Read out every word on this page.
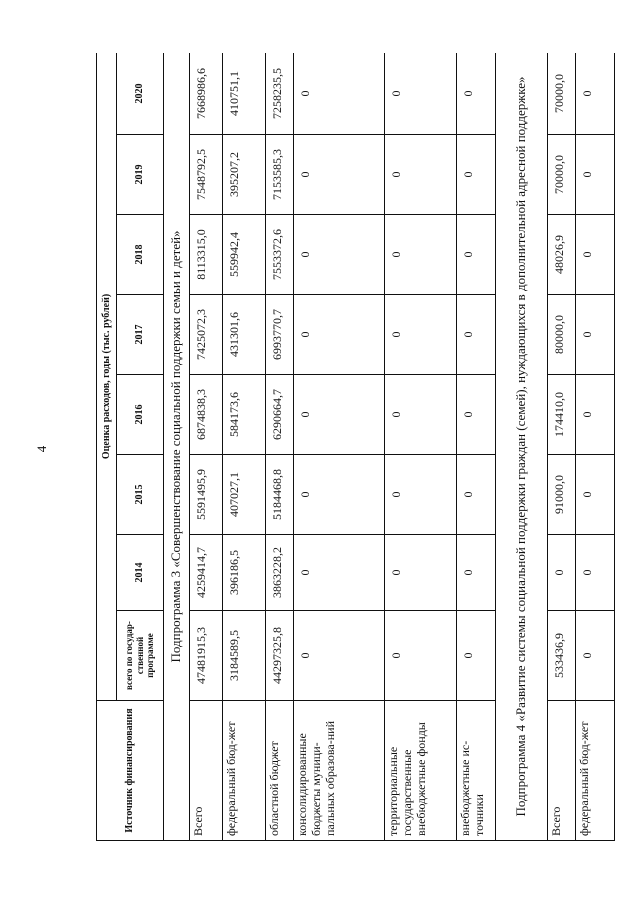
4
Источник финансирования	Оценка расходов, годы (тыс. рублей)							
	всего по государ-ственной программе	2014	2015	2016	2017	2018	2019	2020
Подпрограмма 3 «Совершенствование социальной поддержки семьи и детей»								
Всего	47481915,3	4259414,7	5591495,9	6874838,3	7425072,3	8113315,0	7548792,5	7668986,6
федеральный бюд-жет	3184589,5	396186,5	407027,1	584173,6	431301,6	559942,4	395207,2	410751,1
областной бюджет	44297325,8	3863228,2	5184468,8	6290664,7	6993770,7	7553372,6	7153585,3	7258235,5
консолидированные бюджеты муници-пальных образова-ний	0	0	0	0	0	0	0	0
территориальные государственные внебюджетные фонды	0	0	0	0	0	0	0	0
внебюджетные ис-точники	0	0	0	0	0	0	0	0
Подпрограмма 4 «Развитие системы социальной поддержки граждан (семей), нуждающихся в дополнительной адресной поддержке»								
Всего	533436,9	0	91000,0	174410,0	80000,0	48026,9	70000,0	70000,0
федеральный бюд-жет	0	0	0	0	0	0	0	0
